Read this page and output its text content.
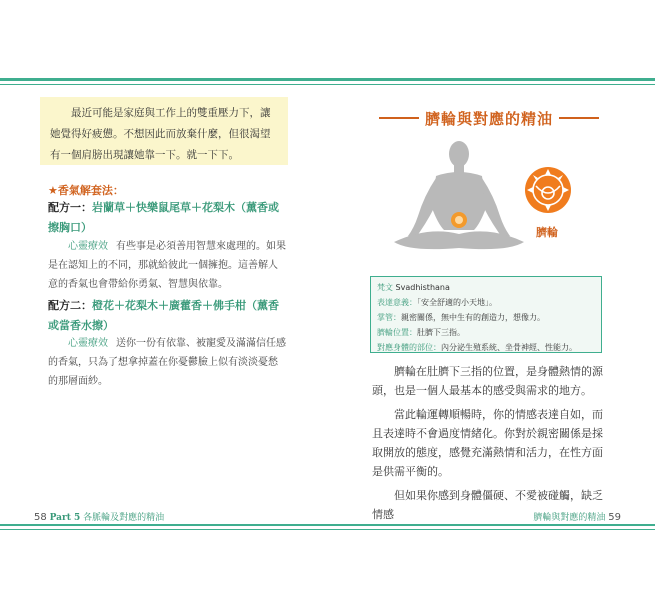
最近可能是家庭與工作上的雙重壓力下，讓她覺得好疲憊。不想因此而放棄什麼，但很渴望有一個肩膀出現讓她靠一下。就一下下。

★香氣解套法：
配方一：岩蘭草＋快樂鼠尾草＋花梨木（薰香或擦胸口）
心靈療效 有些事是必須善用智慧來處理的。如果是在認知上的不同，那就給彼此一個擁抱。這善解人意的香氣也會帶給你勇氣、智慧與依靠。
配方二：橙花＋花梨木＋廣藿香＋佛手柑（薰香或當香水擦）
心靈療效 送你一份有依靠、被寵愛及滿滿信任感的香氣，只為了想拿掉蓋在你憂鬱臉上似有淡淡憂愁的那層面紗。
58 Part 5 各脈輪及對應的精油
臍輪與對應的精油
臍輪
梵文 Svadhisthana
表達意義：「安全舒適的小天地」。
掌管：親密關係，無中生有的創造力，想像力。
臍輪位置：肚臍下三指。
對應身體的部位：內分泌生殖系統、坐骨神經、性能力。

臍輪在肚臍下三指的位置，是身體熱情的源頭，也是一個人最基本的感受與需求的地方。

當此輪運轉順暢時，你的情感表達自如，而且表達時不會過度情緒化。你對於親密關係是採取開放的態度，感覺充滿熱情和活力，在性方面是供需平衡的。

但如果你感到身體僵硬、不愛被碰觸，缺乏情感	臍輪與對應的精油 59
